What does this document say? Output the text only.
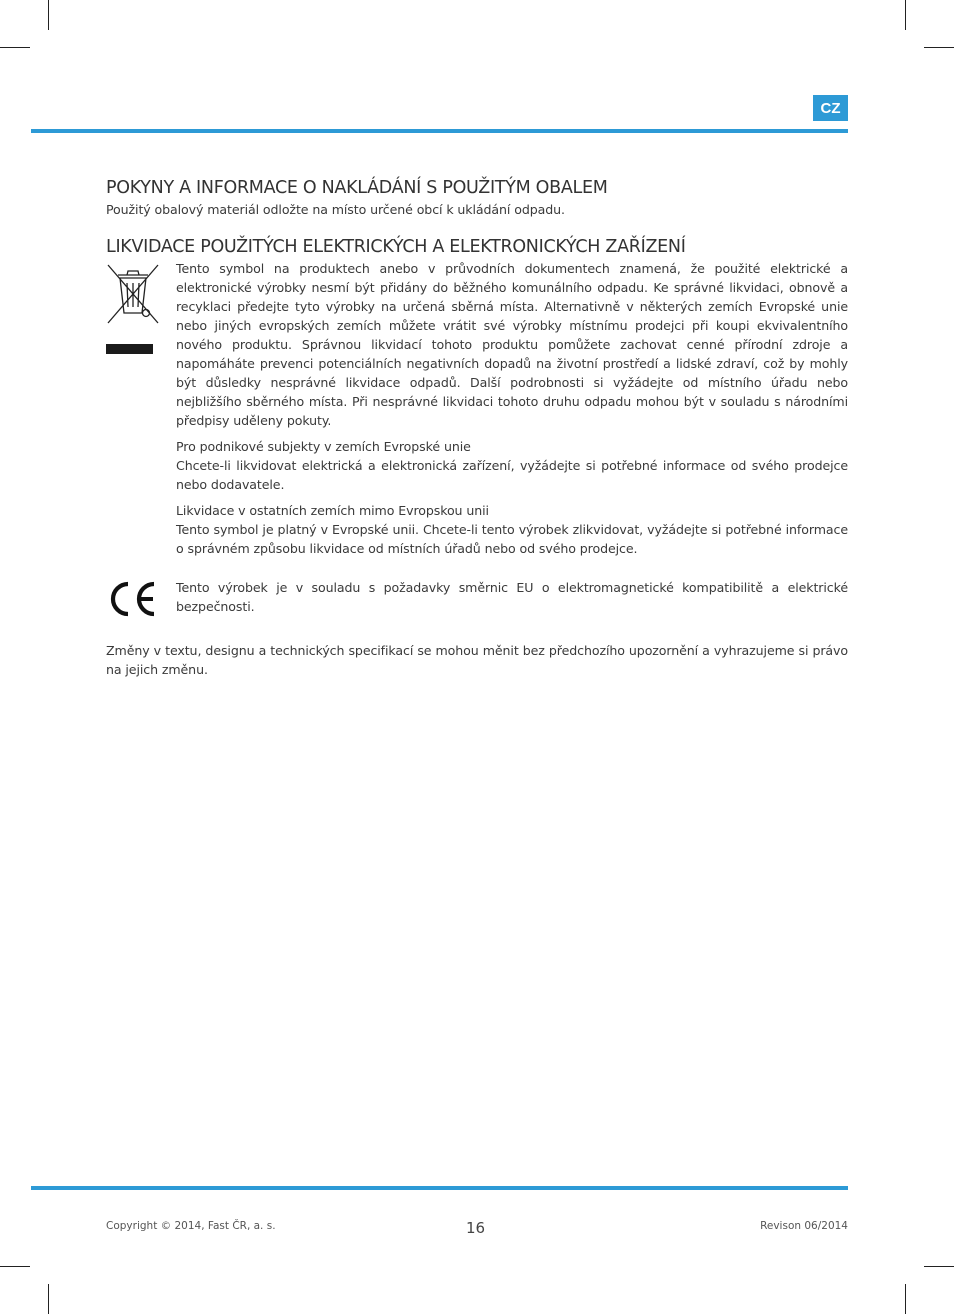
CZ
POKYNY A INFORMACE O NAKLÁDÁNÍ S POUŽITÝM OBALEM

Použitý obalový materiál odložte na místo určené obcí k ukládání odpadu.

LIKVIDACE POUŽITÝCH ELEKTRICKÝCH A ELEKTRONICKÝCH ZAŘÍZENÍ

Tento symbol na produktech anebo v průvodních dokumentech znamená, že použité elektrické a elektronické výrobky nesmí být přidány do běžného komunálního odpadu. Ke správné likvidaci, obnově a recyklaci předejte tyto výrobky na určená sběrná místa. Alternativně v některých zemích Evropské unie nebo jiných evropských zemích můžete vrátit své výrobky místnímu prodejci při koupi ekvivalentního nového produktu. Správnou likvidací tohoto produktu pomůžete zachovat cenné přírodní zdroje a napomáháte prevenci potenciálních negativních dopadů na životní prostředí a lidské zdraví, což by mohly být důsledky nesprávné likvidace odpadů. Další podrobnosti si vyžádejte od místního úřadu nebo nejbližšího sběrného místa. Při nesprávné likvidaci tohoto druhu odpadu mohou být v souladu s národními předpisy uděleny pokuty.

Pro podnikové subjekty v zemích Evropské unie

Chcete-li likvidovat elektrická a elektronická zařízení, vyžádejte si potřebné informace od svého prodejce nebo dodavatele.

Likvidace v ostatních zemích mimo Evropskou unii

Tento symbol je platný v Evropské unii. Chcete-li tento výrobek zlikvidovat, vyžádejte si potřebné informace o správném způsobu likvidace od místních úřadů nebo od svého prodejce.

Tento výrobek je v souladu s požadavky směrnic EU o elektromagnetické kompatibilitě a elektrické bezpečnosti.

Změny v textu, designu a technických specifikací se mohou měnit bez předchozího upozornění a vyhrazujeme si právo na jejich změnu.

Copyright © 2014, Fast ČR, a. s.	16	Revison 06/2014
